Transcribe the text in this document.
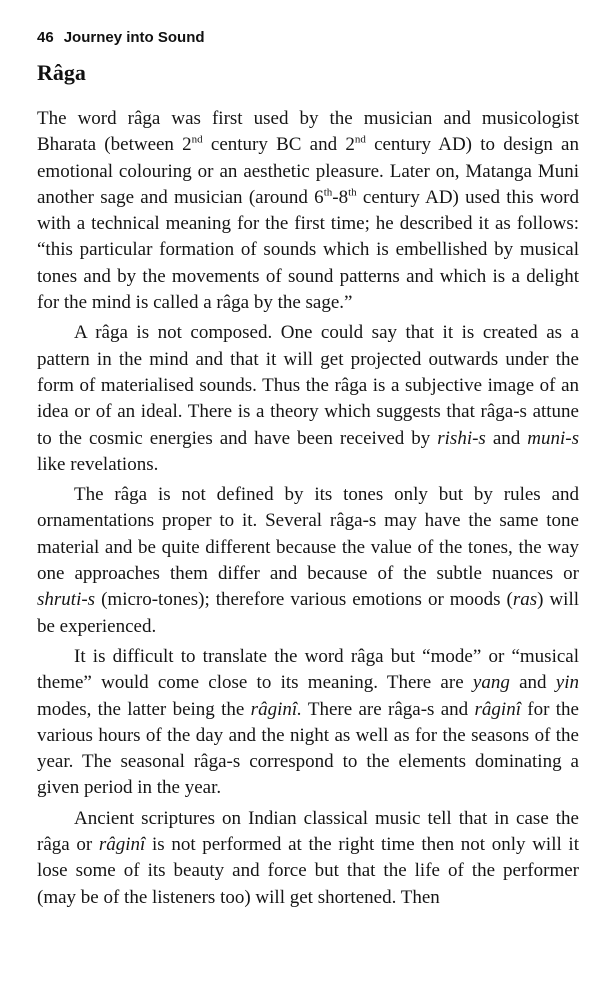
46 Journey into Sound
Râga

The word râga was first used by the musician and musicologist Bharata (between 2nd century BC and 2nd century AD) to design an emotional colouring or an aesthetic pleasure. Later on, Matanga Muni another sage and musician (around 6th-8th century AD) used this word with a technical meaning for the first time; he described it as follows: “this particular formation of sounds which is embellished by musical tones and by the movements of sound patterns and which is a delight for the mind is called a râga by the sage.”

A râga is not composed. One could say that it is created as a pattern in the mind and that it will get projected outwards under the form of materialised sounds. Thus the râga is a subjective image of an idea or of an ideal. There is a theory which suggests that râga-s attune to the cosmic energies and have been received by rishi-s and muni-s like revelations.

The râga is not defined by its tones only but by rules and ornamentations proper to it. Several râga-s may have the same tone material and be quite different because the value of the tones, the way one approaches them differ and because of the subtle nuances or shruti-s (micro-tones); therefore various emotions or moods (ras) will be experienced.

It is difficult to translate the word râga but “mode” or “musical theme” would come close to its meaning. There are yang and yin modes, the latter being the râginî. There are râga-s and râginî for the various hours of the day and the night as well as for the seasons of the year. The seasonal râga-s correspond to the elements dominating a given period in the year.

Ancient scriptures on Indian classical music tell that in case the râga or râginî is not performed at the right time then not only will it lose some of its beauty and force but that the life of the performer (may be of the listeners too) will get shortened. Then
